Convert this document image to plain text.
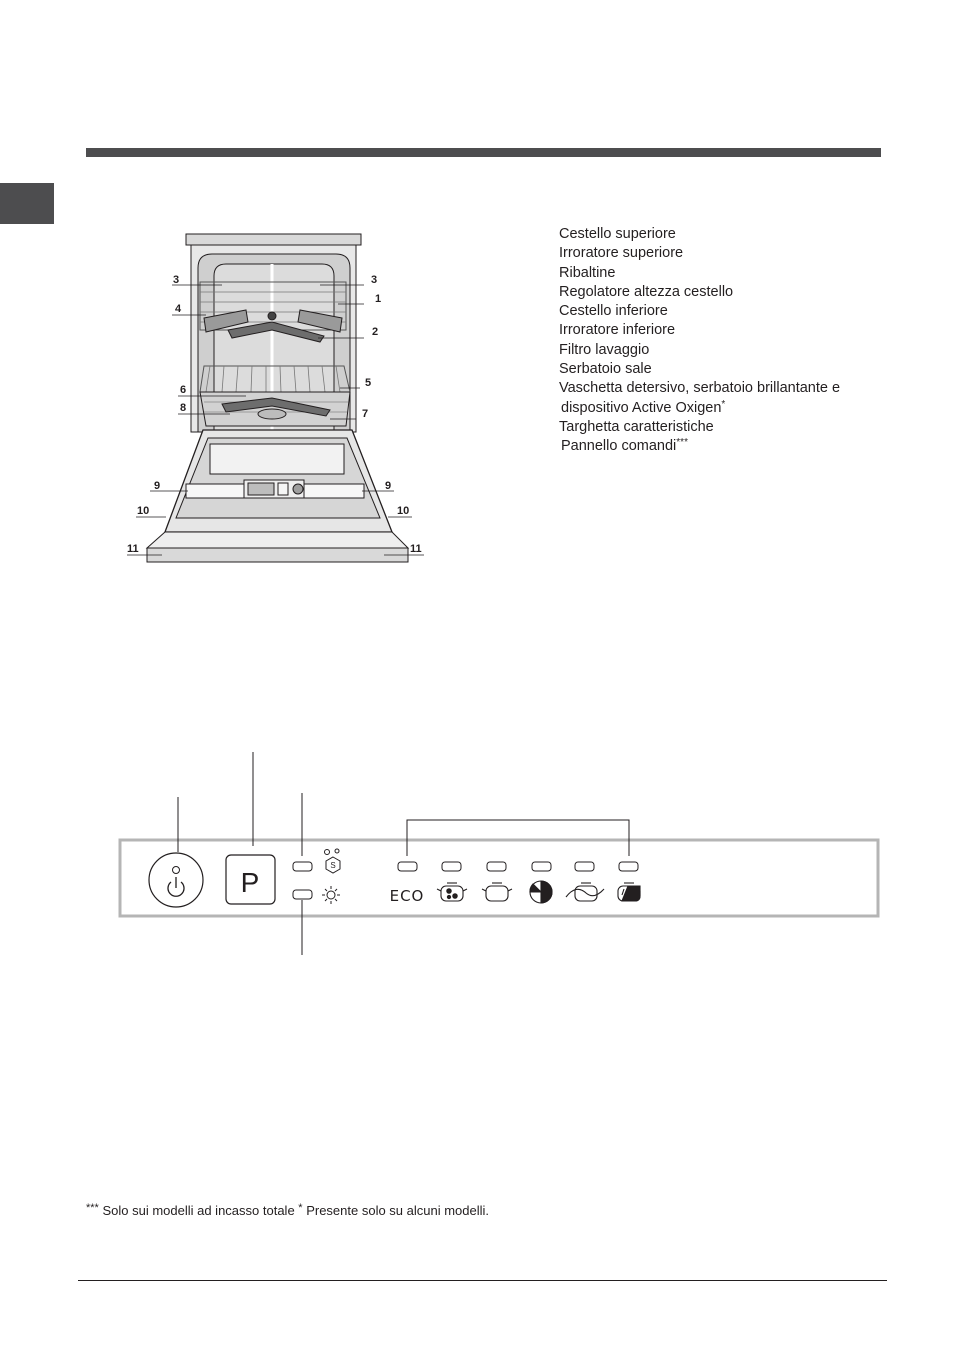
Cestello superiore
Irroratore superiore
Ribaltine
Regolatore altezza cestello
Cestello inferiore
Irroratore inferiore
Filtro lavaggio
Serbatoio sale
Vaschetta detersivo, serbatoio brillantante e
dispositivo Active Oxigen*
Targhetta caratteristiche
Pannello comandi***
3	3
1
4
2
5
6
8	7
9	9
10	10
11	11
P
S
ECO
*** Solo sui modelli ad incasso totale * Presente solo su alcuni modelli.
